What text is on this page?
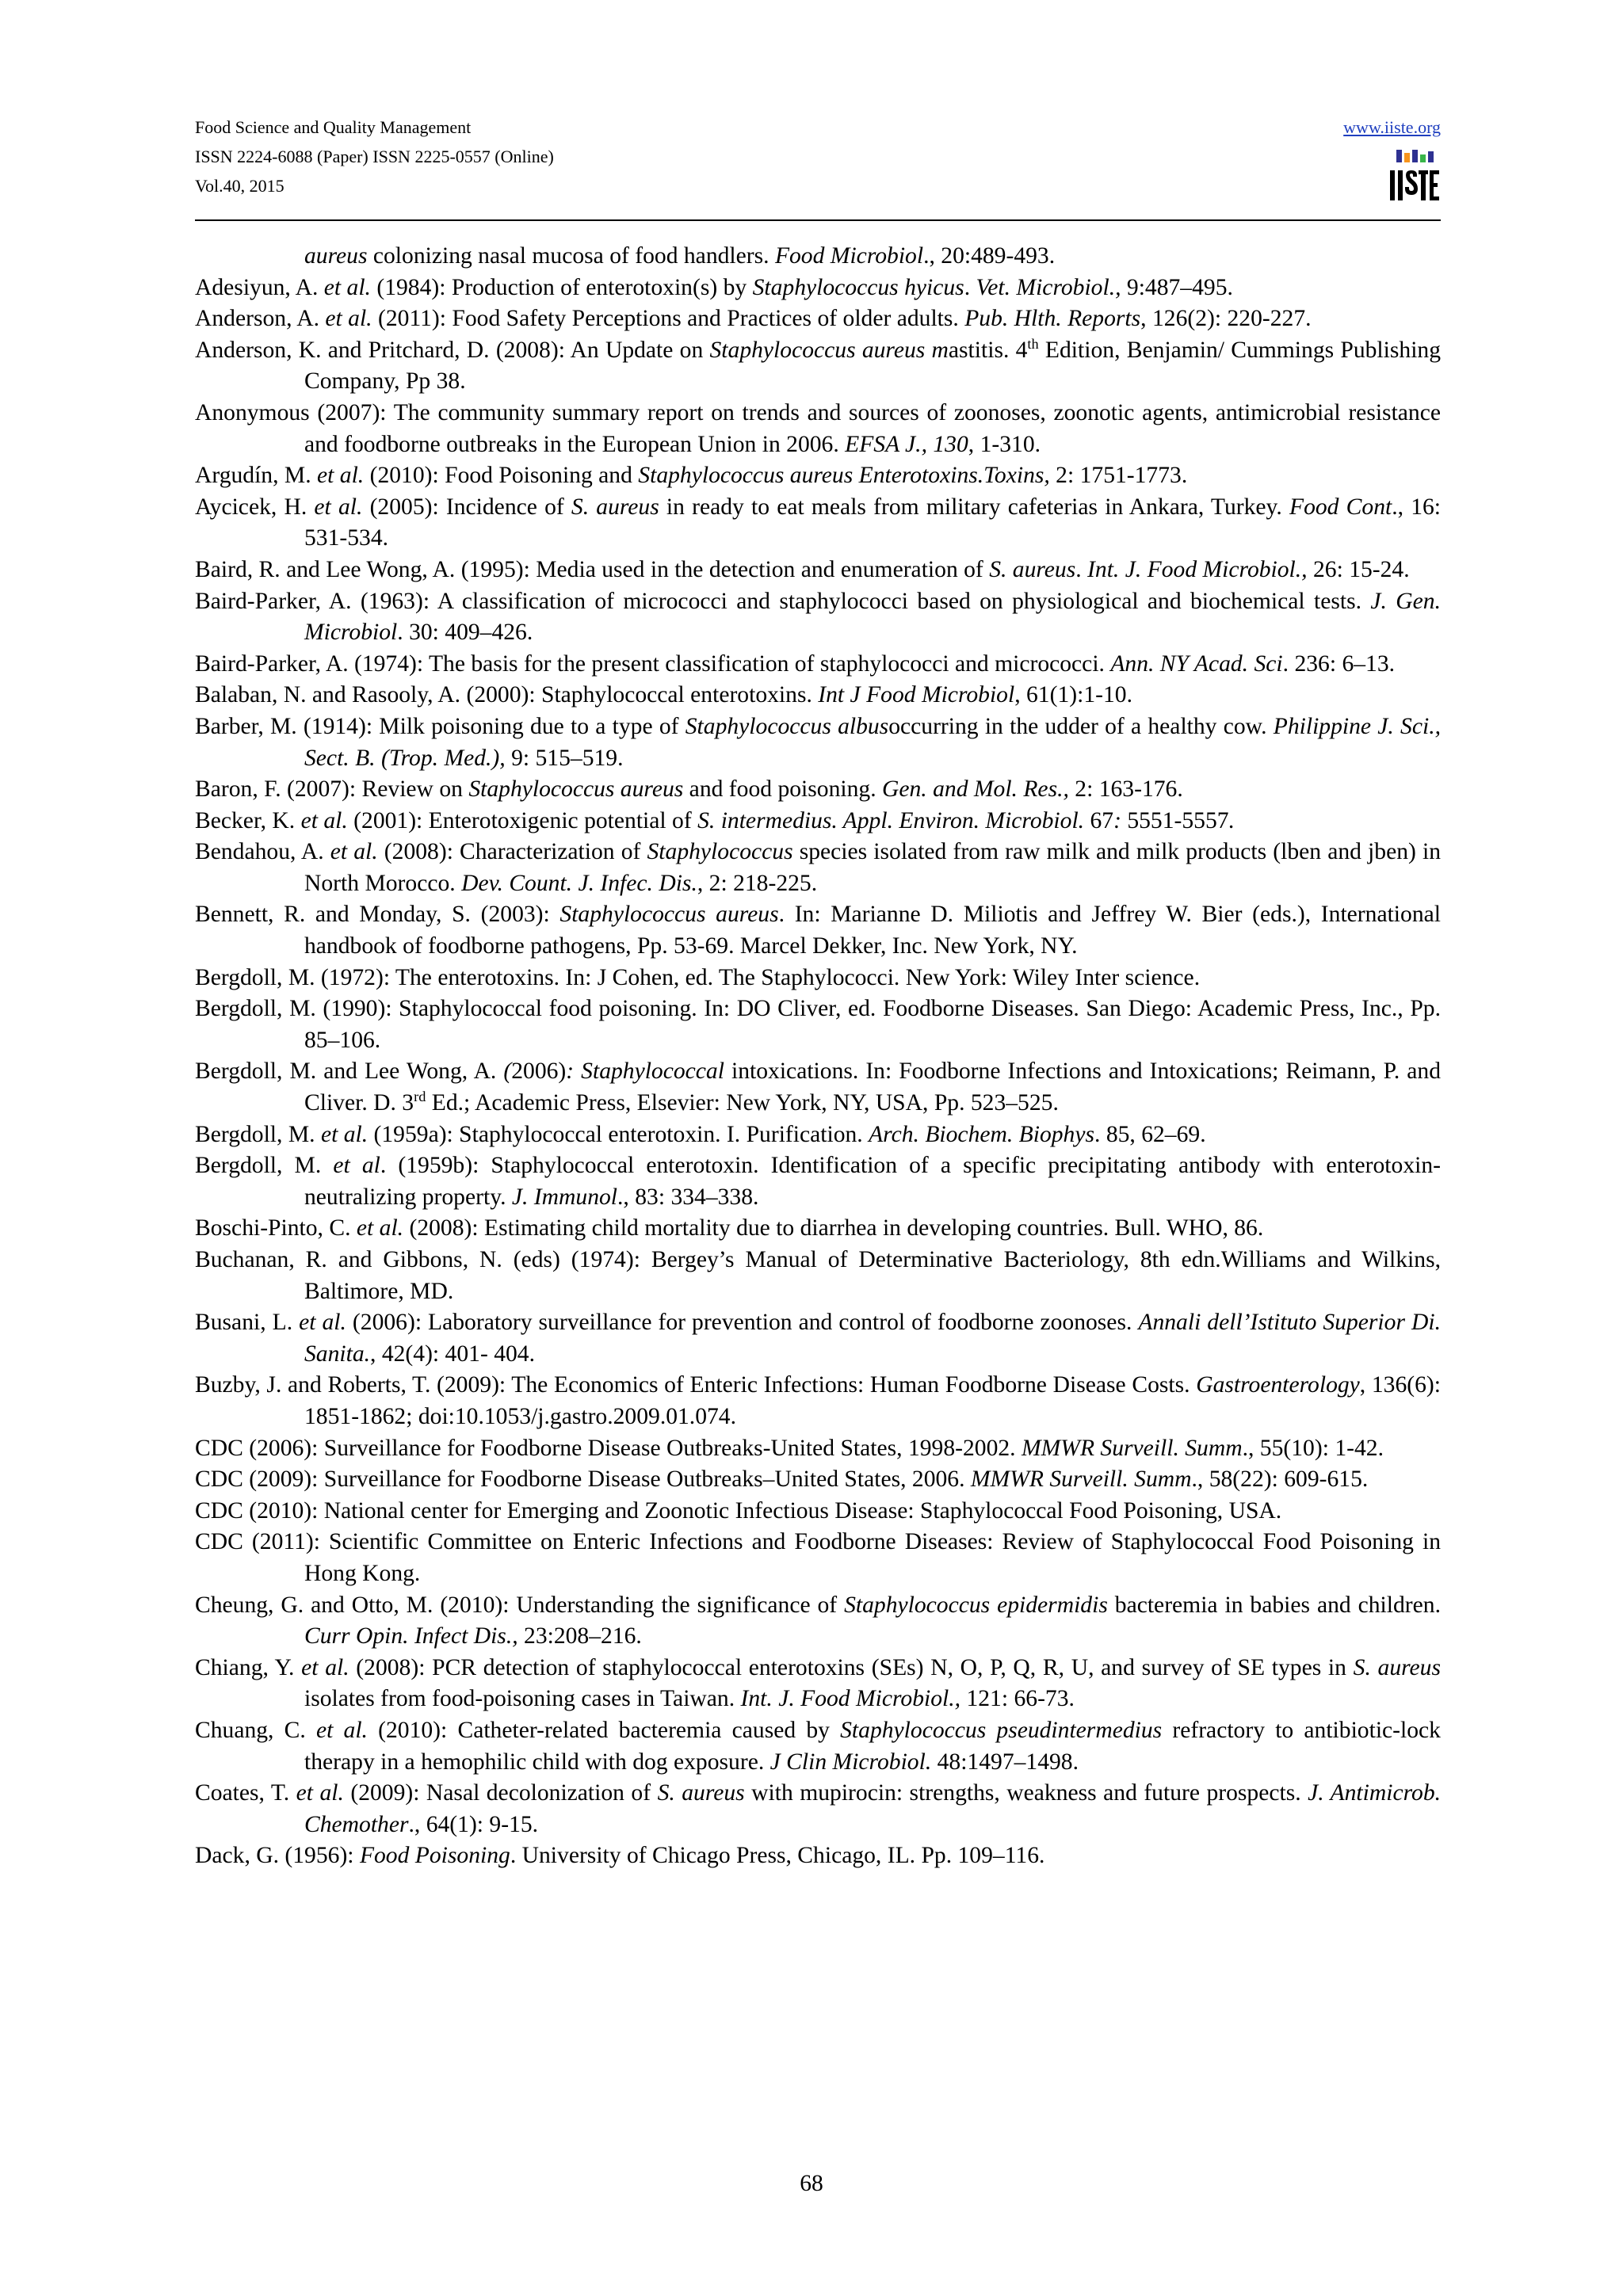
Food Science and Quality Management
ISSN 2224-6088 (Paper) ISSN 2225-0557 (Online)
Vol.40, 2015
www.iiste.org
aureus colonizing nasal mucosa of food handlers. Food Microbiol., 20:489-493.
Adesiyun, A. et al. (1984): Production of enterotoxin(s) by Staphylococcus hyicus. Vet. Microbiol., 9:487–495.
Anderson, A. et al. (2011): Food Safety Perceptions and Practices of older adults. Pub. Hlth. Reports, 126(2): 220-227.
Anderson, K. and Pritchard, D. (2008): An Update on Staphylococcus aureus mastitis. 4th Edition, Benjamin/ Cummings Publishing Company, Pp 38.
Anonymous (2007): The community summary report on trends and sources of zoonoses, zoonotic agents, antimicrobial resistance and foodborne outbreaks in the European Union in 2006. EFSA J., 130, 1-310.
Argudín, M. et al. (2010): Food Poisoning and Staphylococcus aureus Enterotoxins.Toxins, 2: 1751-1773.
Aycicek, H. et al. (2005): Incidence of S. aureus in ready to eat meals from military cafeterias in Ankara, Turkey. Food Cont., 16: 531-534.
Baird, R. and Lee Wong, A. (1995): Media used in the detection and enumeration of S. aureus. Int. J. Food Microbiol., 26: 15-24.
Baird-Parker, A. (1963): A classification of micrococci and staphylococci based on physiological and biochemical tests. J. Gen. Microbiol. 30: 409–426.
Baird-Parker, A. (1974): The basis for the present classification of staphylococci and micrococci. Ann. NY Acad. Sci. 236: 6–13.
Balaban, N. and Rasooly, A. (2000): Staphylococcal enterotoxins. Int J Food Microbiol, 61(1):1-10.
Barber, M. (1914): Milk poisoning due to a type of Staphylococcus albusoccurring in the udder of a healthy cow. Philippine J. Sci., Sect. B. (Trop. Med.), 9: 515–519.
Baron, F. (2007): Review on Staphylococcus aureus and food poisoning. Gen. and Mol. Res., 2: 163-176.
Becker, K. et al. (2001): Enterotoxigenic potential of S. intermedius. Appl. Environ. Microbiol. 67: 5551-5557.
Bendahou, A. et al. (2008): Characterization of Staphylococcus species isolated from raw milk and milk products (lben and jben) in North Morocco. Dev. Count. J. Infec. Dis., 2: 218-225.
Bennett, R. and Monday, S. (2003): Staphylococcus aureus. In: Marianne D. Miliotis and Jeffrey W. Bier (eds.), International handbook of foodborne pathogens, Pp. 53-69. Marcel Dekker, Inc. New York, NY.
Bergdoll, M. (1972): The enterotoxins. In: J Cohen, ed. The Staphylococci. New York: Wiley Inter science.
Bergdoll, M. (1990): Staphylococcal food poisoning. In: DO Cliver, ed. Foodborne Diseases. San Diego: Academic Press, Inc., Pp. 85–106.
Bergdoll, M. and Lee Wong, A. (2006): Staphylococcal intoxications. In: Foodborne Infections and Intoxications; Reimann, P. and Cliver. D. 3rd Ed.; Academic Press, Elsevier: New York, NY, USA, Pp. 523–525.
Bergdoll, M. et al. (1959a): Staphylococcal enterotoxin. I. Purification. Arch. Biochem. Biophys. 85, 62–69.
Bergdoll, M. et al. (1959b): Staphylococcal enterotoxin. Identification of a specific precipitating antibody with enterotoxin-neutralizing property. J. Immunol., 83: 334–338.
Boschi-Pinto, C. et al. (2008): Estimating child mortality due to diarrhea in developing countries. Bull. WHO, 86.
Buchanan, R. and Gibbons, N. (eds) (1974): Bergey’s Manual of Determinative Bacteriology, 8th edn.Williams and Wilkins, Baltimore, MD.
Busani, L. et al. (2006): Laboratory surveillance for prevention and control of foodborne zoonoses. Annali dell’Istituto Superior Di. Sanita., 42(4): 401- 404.
Buzby, J. and Roberts, T. (2009): The Economics of Enteric Infections: Human Foodborne Disease Costs. Gastroenterology, 136(6): 1851-1862; doi:10.1053/j.gastro.2009.01.074.
CDC (2006): Surveillance for Foodborne Disease Outbreaks-United States, 1998-2002. MMWR Surveill. Summ., 55(10): 1-42.
CDC (2009): Surveillance for Foodborne Disease Outbreaks–United States, 2006. MMWR Surveill. Summ., 58(22): 609-615.
CDC (2010): National center for Emerging and Zoonotic Infectious Disease: Staphylococcal Food Poisoning, USA.
CDC (2011): Scientific Committee on Enteric Infections and Foodborne Diseases: Review of Staphylococcal Food Poisoning in Hong Kong.
Cheung, G. and Otto, M. (2010): Understanding the significance of Staphylococcus epidermidis bacteremia in babies and children. Curr Opin. Infect Dis., 23:208–216.
Chiang, Y. et al. (2008): PCR detection of staphylococcal enterotoxins (SEs) N, O, P, Q, R, U, and survey of SE types in S. aureus isolates from food-poisoning cases in Taiwan. Int. J. Food Microbiol., 121: 66-73.
Chuang, C. et al. (2010): Catheter-related bacteremia caused by Staphylococcus pseudintermedius refractory to antibiotic-lock therapy in a hemophilic child with dog exposure. J Clin Microbiol. 48:1497–1498.
Coates, T. et al. (2009): Nasal decolonization of S. aureus with mupirocin: strengths, weakness and future prospects. J. Antimicrob. Chemother., 64(1): 9-15.
Dack, G. (1956): Food Poisoning. University of Chicago Press, Chicago, IL. Pp. 109–116.
68
